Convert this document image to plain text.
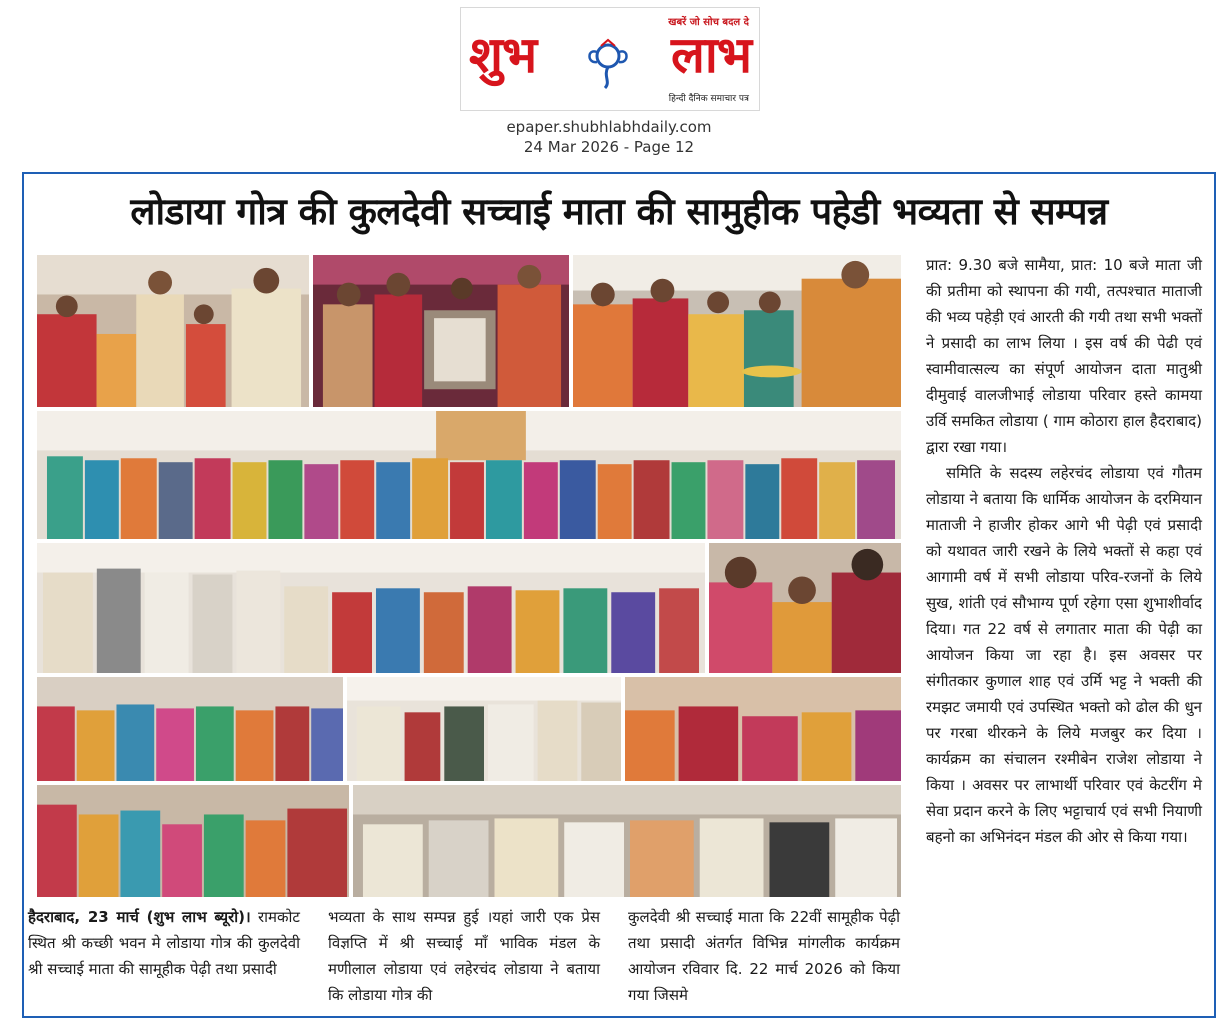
खबरें जो सोच बदल दे
शुभ	लाभ
हिन्दी दैनिक समाचार पत्र
epaper.shubhlabhdaily.com
24 Mar 2026 - Page 12
लोडाया गोत्र की कुलदेवी सच्चाई माता की सामुहीक पहेडी भव्यता से सम्पन्न

प्रात: 9.30 बजे सामैया, प्रात: 10 बजे माता जी की प्रतीमा को स्थापना की गयी, तत्पश्चात माताजी की भव्य पहेड़ी एवं आरती की गयी तथा सभी भक्तों ने प्रसादी का लाभ लिया । इस वर्ष की पेढी एवं स्वामीवात्सल्य का संपूर्ण आयोजन दाता मातुश्री दीमुवाई वालजीभाई लोडाया परिवार हस्ते कामया उर्वि समकित लोडाया ( गाम कोठारा हाल हैदराबाद) द्वारा रखा गया।

समिति के सदस्य लहेरचंद लोडाया एवं गौतम लोडाया ने बताया कि धार्मिक आयोजन के दरमियान माताजी ने हाजीर होकर आगे भी पेढ़ी एवं प्रसादी को यथावत जारी रखने के लिये भक्तों से कहा एवं आगामी वर्ष में सभी लोडाया परिव-रजनों के लिये सुख, शांती एवं सौभाग्य पूर्ण रहेगा एसा शुभाशीर्वाद दिया। गत 22 वर्ष से लगातार माता की पेढ़ी का आयोजन किया जा रहा है। इस अवसर पर संगीतकार कुणाल शाह एवं उर्मि भट्ट ने भक्ती की रमझट जमायी एवं उपस्थित भक्तो को ढोल की धुन पर गरबा थीरकने के लिये मजबुर कर दिया ।कार्यक्रम का संचालन रश्मीबेन राजेश लोडाया ने किया । अवसर पर लाभार्थी परिवार एवं केटरींग मे सेवा प्रदान करने के लिए भट्टाचार्य एवं सभी नियाणी बहनो का अभिनंदन मंडल की ओर से किया गया।

हैदराबाद, 23 मार्च (शुभ लाभ ब्यूरो)। रामकोट स्थित श्री कच्छी भवन मे लोडाया गोत्र की कुलदेवी श्री सच्चाई माता की सामूहीक पेढ़ी तथा प्रसादी
भव्यता के साथ सम्पन्न हुई ।यहां जारी एक प्रेस विज्ञप्ति में श्री सच्चाई माँ भाविक मंडल के मणीलाल लोडाया एवं लहेरचंद लोडाया ने बताया कि लोडाया गोत्र की
कुलदेवी श्री सच्चाई माता कि 22वीं सामूहीक पेढ़ी तथा प्रसादी अंतर्गत विभिन्न मांगलीक कार्यक्रम आयोजन रविवार दि. 22 मार्च 2026 को किया गया जिसमे
